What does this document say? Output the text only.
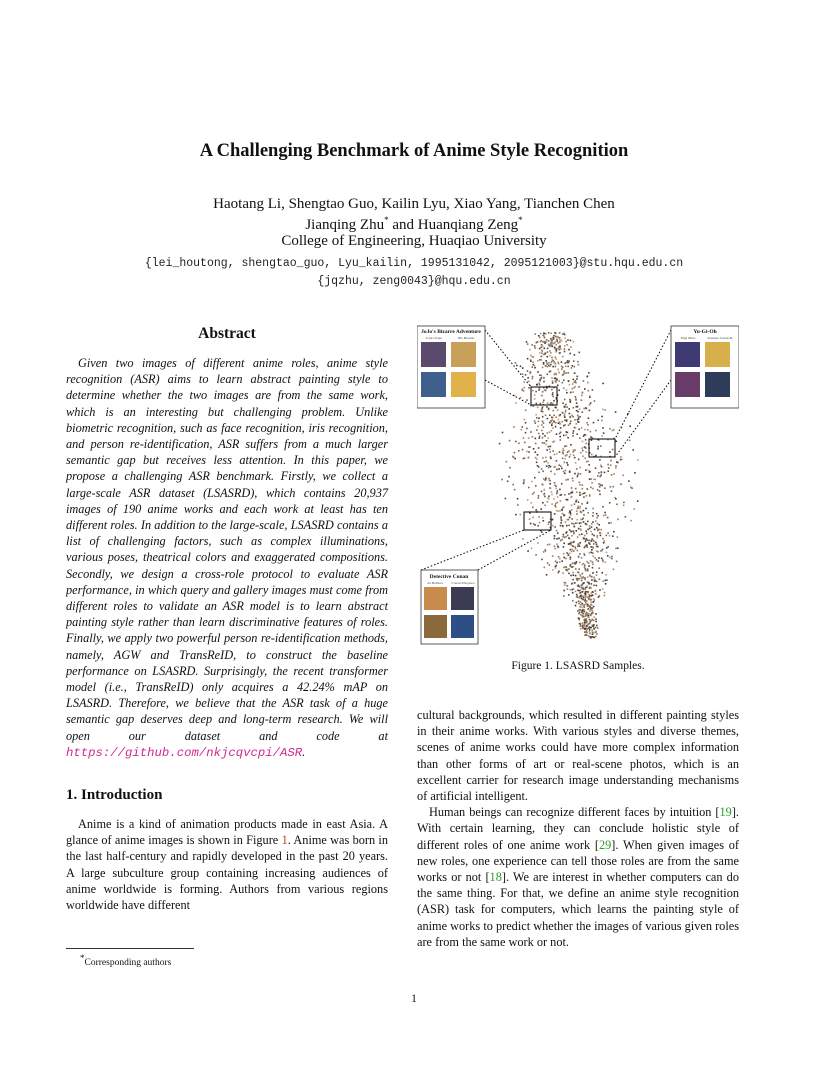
A Challenging Benchmark of Anime Style Recognition
Haotang Li, Shengtao Guo, Kailin Lyu, Xiao Yang, Tianchen Chen
Jianqing Zhu* and Huanqiang Zeng*
College of Engineering, Huaqiao University
{lei_houtong, shengtao_guo, Lyu_kailin, 1995131042, 2095121003}@stu.hqu.edu.cn
{jqzhu, zeng0043}@hqu.edu.cn
Abstract

Given two images of different anime roles, anime style recognition (ASR) aims to learn abstract painting style to determine whether the two images are from the same work, which is an interesting but challenging problem. Unlike biometric recognition, such as face recognition, iris recognition, and person re-identification, ASR suffers from a much larger semantic gap but receives less attention. In this paper, we propose a challenging ASR benchmark. Firstly, we collect a large-scale ASR dataset (LSASRD), which contains 20,937 images of 190 anime works and each work at least has ten different roles. In addition to the large-scale, LSASRD contains a list of challenging factors, such as complex illuminations, various poses, theatrical colors and exaggerated compositions. Secondly, we design a cross-role protocol to evaluate ASR performance, in which query and gallery images must come from different roles to validate an ASR model is to learn abstract painting style rather than learn discriminative features of roles. Finally, we apply two powerful person re-identification methods, namely, AGW and TransReID, to construct the baseline performance on LSASRD. Surprisingly, the recent transformer model (i.e., TransReID) only acquires a 42.24% mAP on LSASRD. Therefore, we believe that the ASR task of a huge semantic gap deserves deep and long-term research. We will open our dataset and code at https://github.com/nkjcqvcpi/ASR.

1. Introduction

Anime is a kind of animation products made in east Asia. A glance of anime images is shown in Figure 1. Anime was born in the last half-century and rapidly developed in the past 20 years. A large subculture group containing increasing audiences of anime worldwide is forming. Authors from various regions worldwide have different

*Corresponding authors
JoJo's Bizarre Adventure
Jotaro Kujo	Dio Brando
Yu-Gi-Oh
Yugi Muto	Katsuya Jonouchi
Detective Conan
Ai Haibara	Conan Edogawa
Figure 1. LSASRD Samples.

cultural backgrounds, which resulted in different painting styles in their anime works. With various styles and diverse themes, scenes of anime works could have more complex information than other forms of art or real-scene photos, which is an excellent carrier for research image understanding mechanisms of artificial intelligent.

Human beings can recognize different faces by intuition [19]. With certain learning, they can conclude holistic style of different roles of one anime work [29]. When given images of new roles, one experience can tell those roles are from the same works or not [18]. We are interest in whether computers can do the same thing. For that, we define an anime style recognition (ASR) task for computers, which learns the painting style of anime works to predict whether the images of various given roles are from the same work or not.

1
